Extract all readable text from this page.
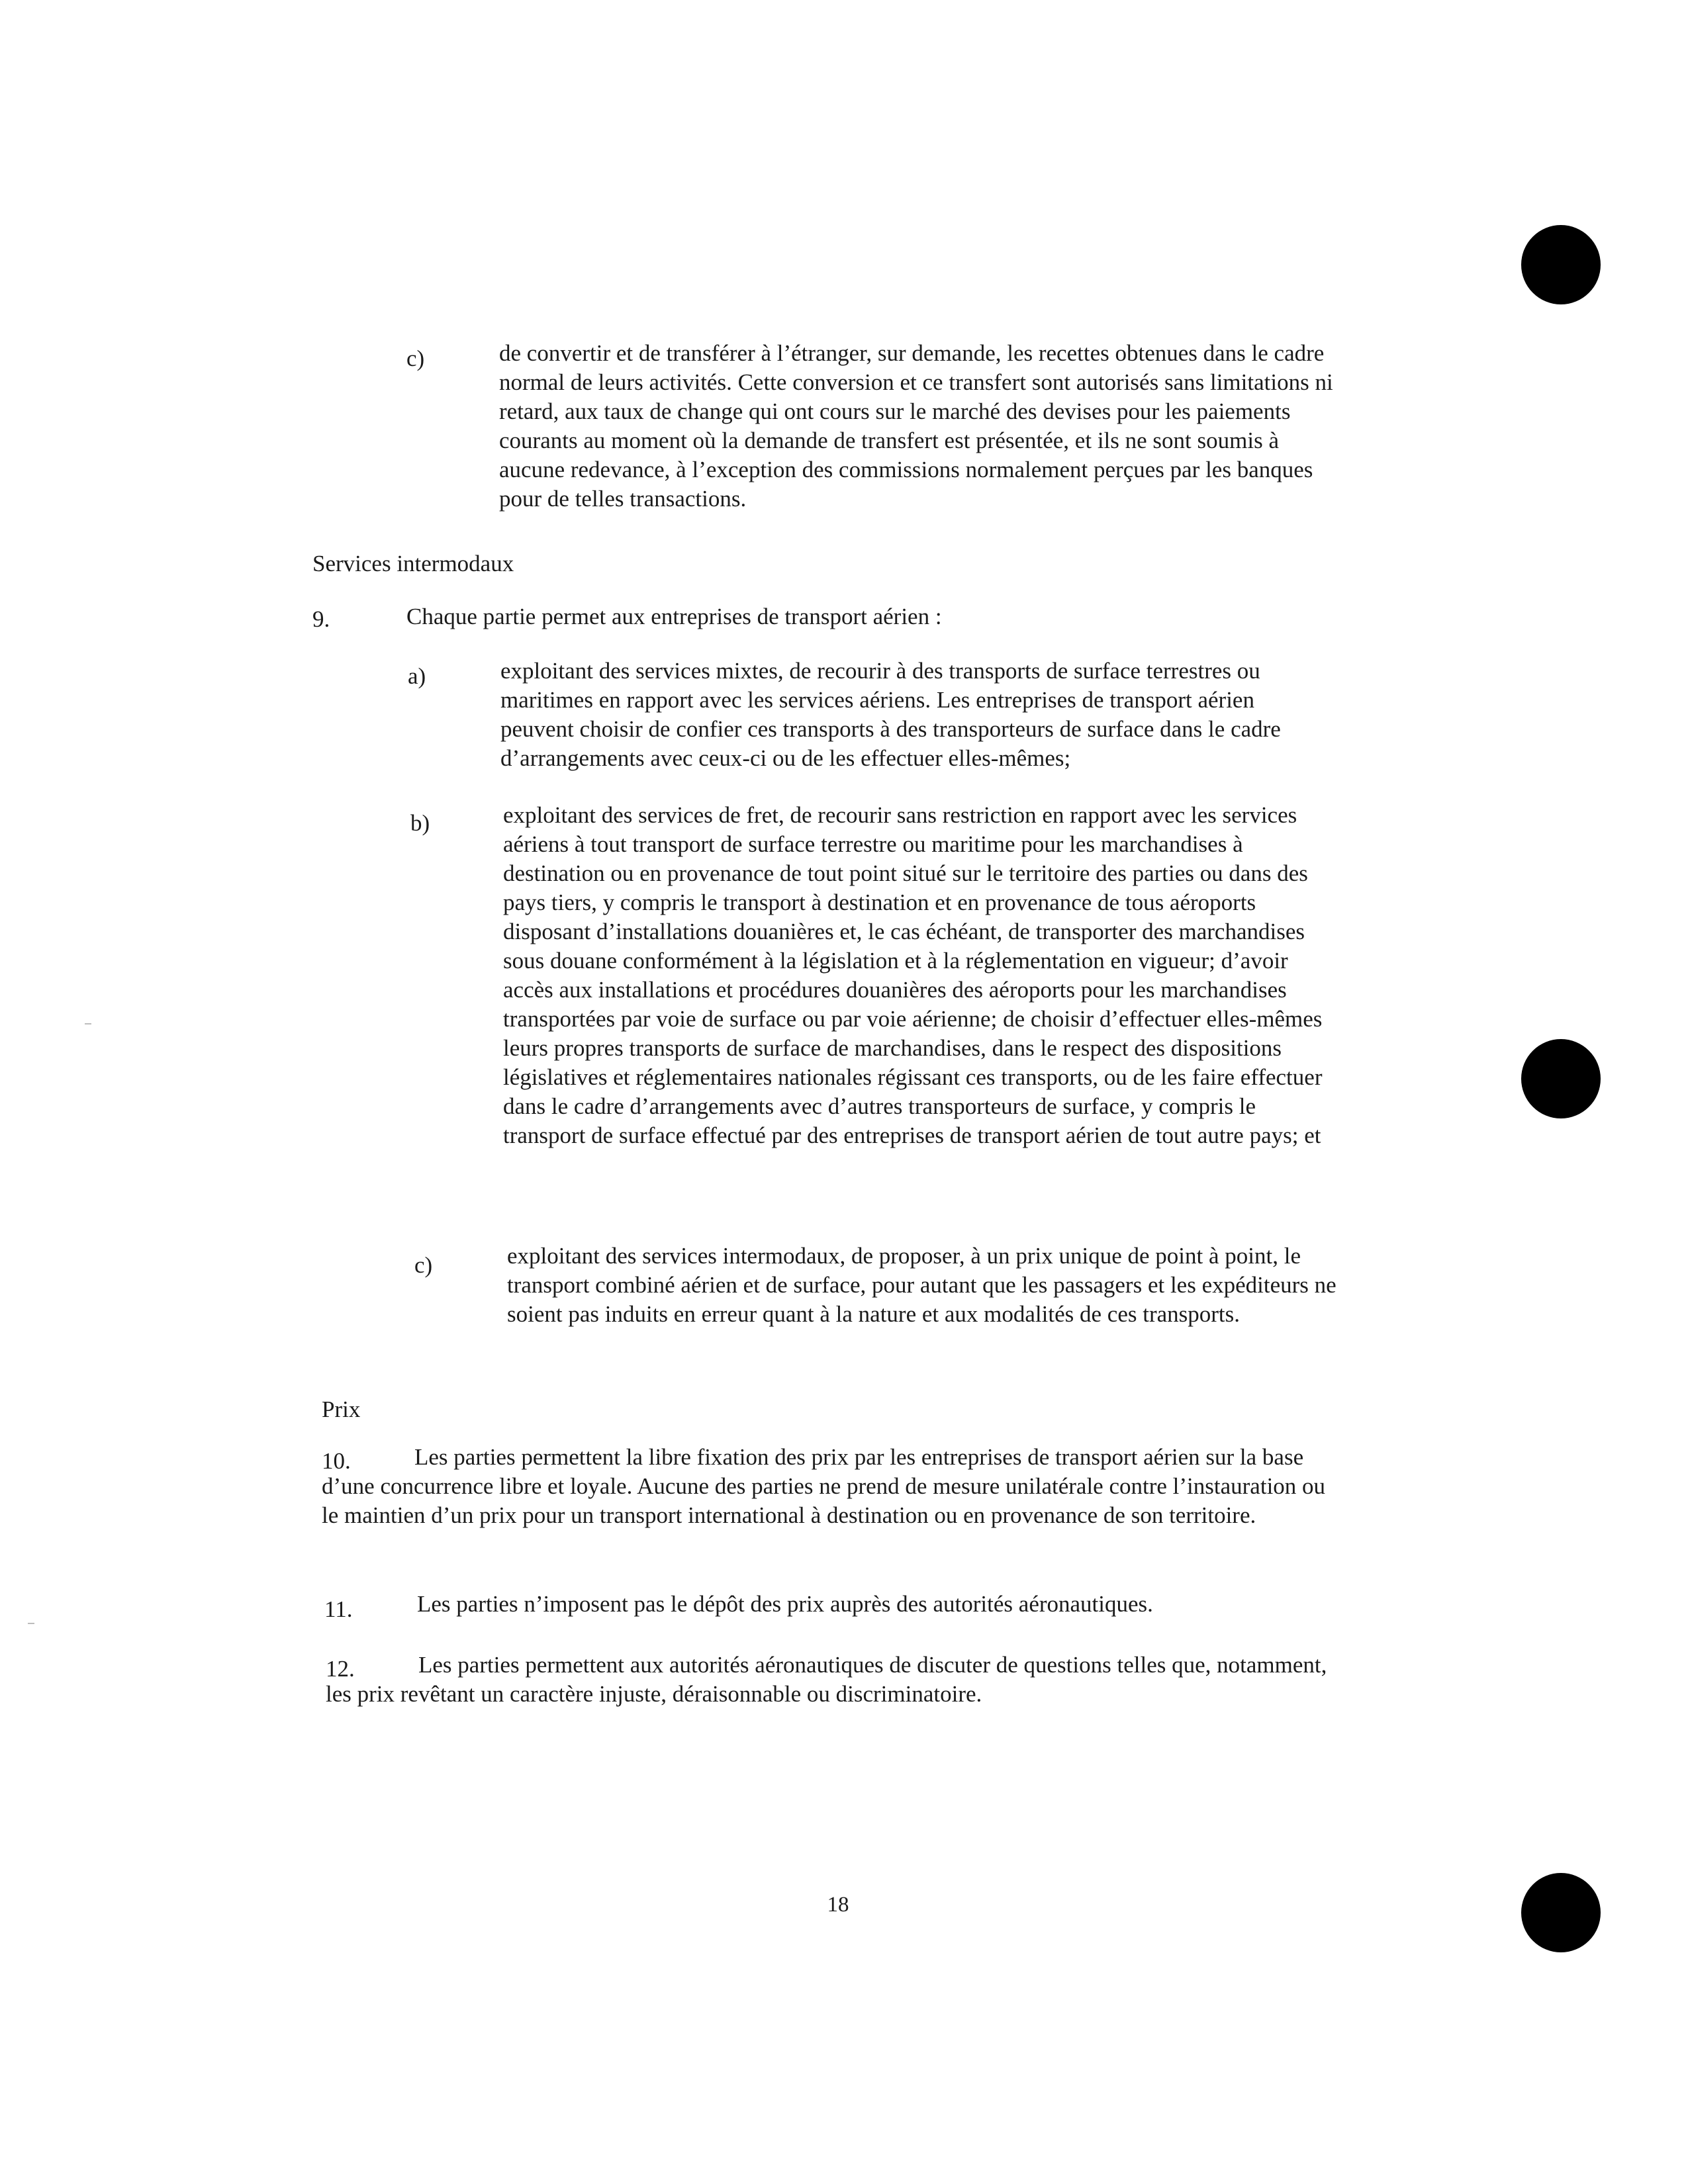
c)	de convertir et de transférer à l’étranger, sur demande, les recettes obtenues dans le cadre normal de leurs activités. Cette conversion et ce transfert sont autorisés sans limitations ni retard, aux taux de change qui ont cours sur le marché des devises pour les paiements courants au moment où la demande de transfert est présentée, et ils ne sont soumis à aucune redevance, à l’exception des commissions normalement perçues par les banques pour de telles transactions.

Services intermodaux
9.	Chaque partie permet aux entreprises de transport aérien :

a)	exploitant des services mixtes, de recourir à des transports de surface terrestres ou maritimes en rapport avec les services aériens. Les entreprises de transport aérien peuvent choisir de confier ces transports à des transporteurs de surface dans le cadre d’arrangements avec ceux-ci ou de les effectuer elles-mêmes;

b)	exploitant des services de fret, de recourir sans restriction en rapport avec les services aériens à tout transport de surface terrestre ou maritime pour les marchandises à destination ou en provenance de tout point situé sur le territoire des parties ou dans des pays tiers, y compris le transport à destination et en provenance de tous aéroports disposant d’installations douanières et, le cas échéant, de transporter des marchandises sous douane conformément à la législation et à la réglementation en vigueur; d’avoir accès aux installations et procédures douanières des aéroports pour les marchandises transportées par voie de surface ou par voie aérienne; de choisir d’effectuer elles-mêmes leurs propres transports de surface de marchandises, dans le respect des dispositions législatives et réglementaires nationales régissant ces transports, ou de les faire effectuer dans le cadre d’arrangements avec d’autres transporteurs de surface, y compris le transport de surface effectué par des entreprises de transport aérien de tout autre pays; et

c)	exploitant des services intermodaux, de proposer, à un prix unique de point à point, le transport combiné aérien et de surface, pour autant que les passagers et les expéditeurs ne soient pas induits en erreur quant à la nature et aux modalités de ces transports.

Prix
10.	Les parties permettent la libre fixation des prix par les entreprises de transport aérien sur la base d’une concurrence libre et loyale. Aucune des parties ne prend de mesure unilatérale contre l’instauration ou le maintien d’un prix pour un transport international à destination ou en provenance de son territoire.

11.	Les parties n’imposent pas le dépôt des prix auprès des autorités aéronautiques.

12.	Les parties permettent aux autorités aéronautiques de discuter de questions telles que, notamment, les prix revêtant un caractère injuste, déraisonnable ou discriminatoire.

18
